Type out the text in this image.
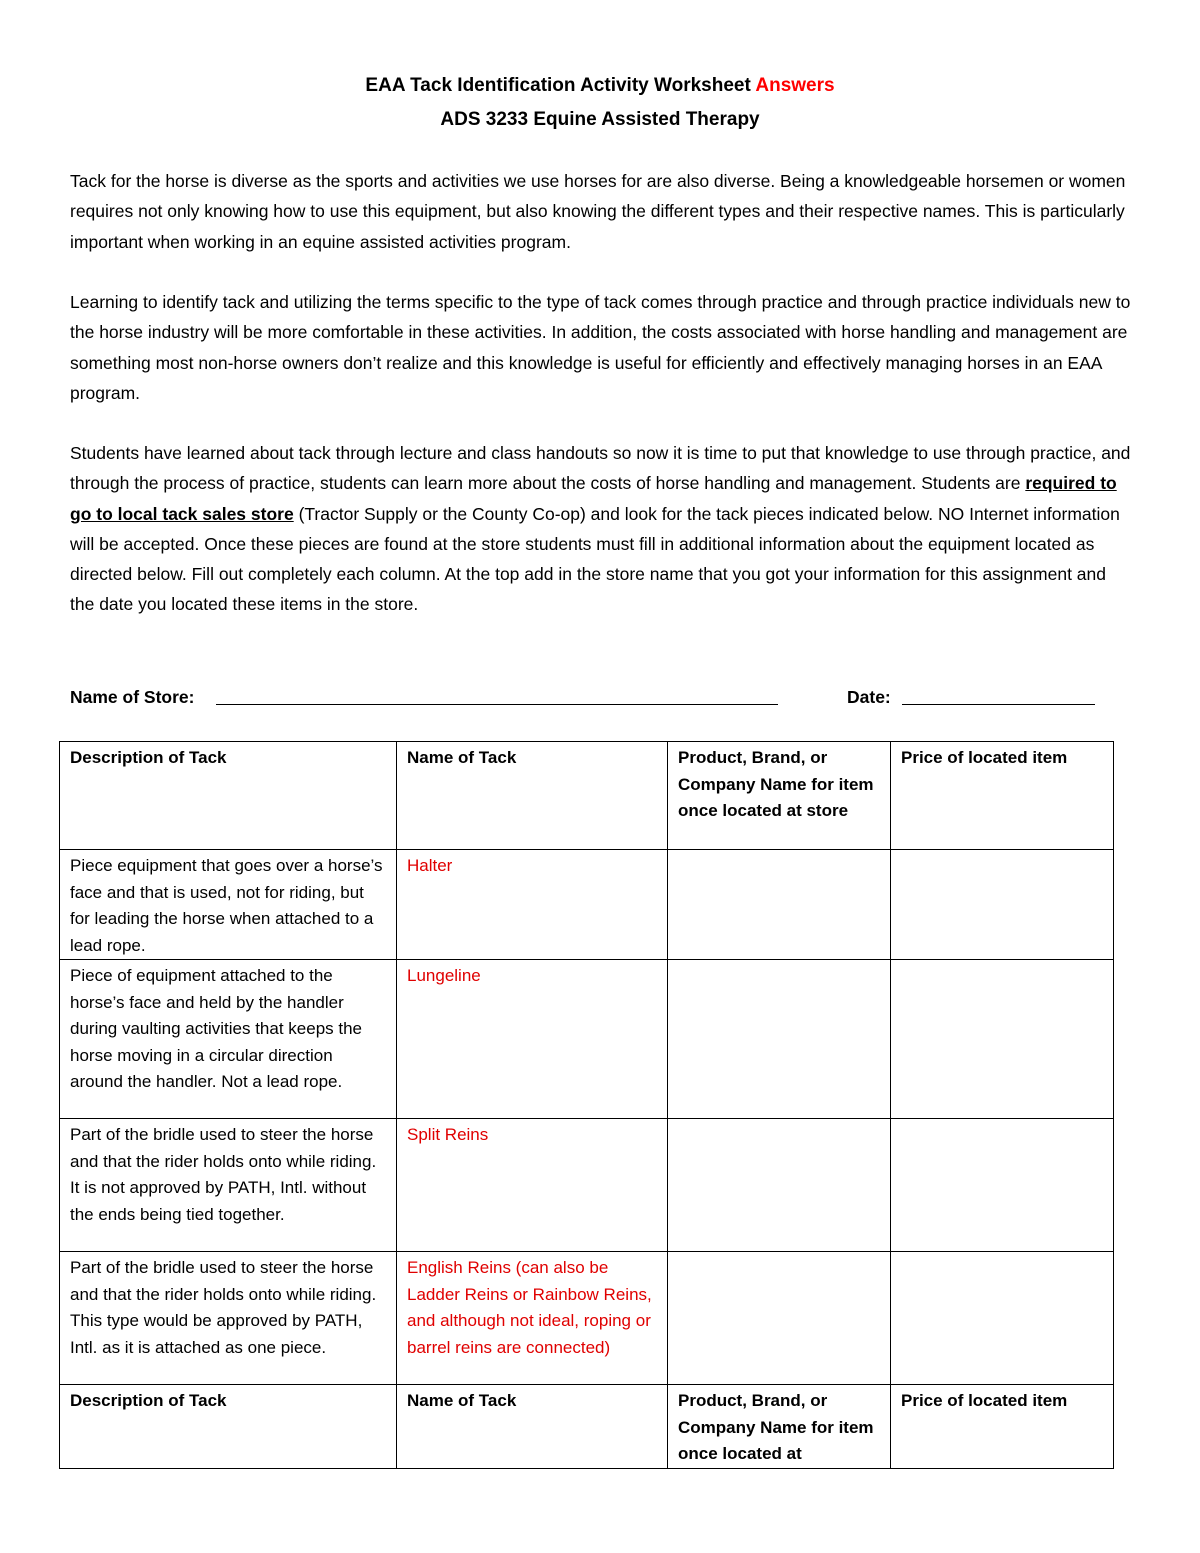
EAA Tack Identification Activity Worksheet Answers
ADS 3233 Equine Assisted Therapy

Tack for the horse is diverse as the sports and activities we use horses for are also diverse. Being a knowledgeable horsemen or women requires not only knowing how to use this equipment, but also knowing the different types and their respective names. This is particularly important when working in an equine assisted activities program.

Learning to identify tack and utilizing the terms specific to the type of tack comes through practice and through practice individuals new to the horse industry will be more comfortable in these activities. In addition, the costs associated with horse handling and management are something most non-horse owners don’t realize and this knowledge is useful for efficiently and effectively managing horses in an EAA program.

Students have learned about tack through lecture and class handouts so now it is time to put that knowledge to use through practice, and through the process of practice, students can learn more about the costs of horse handling and management. Students are required to go to local tack sales store (Tractor Supply or the County Co-op) and look for the tack pieces indicated below. NO Internet information will be accepted. Once these pieces are found at the store students must fill in additional information about the equipment located as directed below. Fill out completely each column. At the top add in the store name that you got your information for this assignment and the date you located these items in the store.

Name of Store:	Date:
Description of Tack	Name of Tack	Product, Brand, or Company Name for item once located at store	Price of located item
Piece equipment that goes over a horse’s face and that is used, not for riding, but for leading the horse when attached to a lead rope.	Halter		
Piece of equipment attached to the horse’s face and held by the handler during vaulting activities that keeps the horse moving in a circular direction around the handler. Not a lead rope.	Lungeline		
Part of the bridle used to steer the horse and that the rider holds onto while riding. It is not approved by PATH, Intl. without the ends being tied together.	Split Reins		
Part of the bridle used to steer the horse and that the rider holds onto while riding. This type would be approved by PATH, Intl. as it is attached as one piece.	English Reins (can also be Ladder Reins or Rainbow Reins, and although not ideal, roping or barrel reins are connected)		
Description of Tack	Name of Tack	Product, Brand, or Company Name for item once located at	Price of located item
